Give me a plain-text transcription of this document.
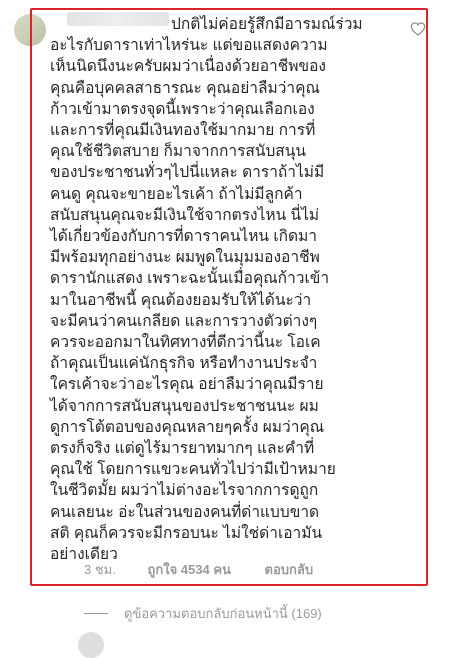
ปกติไม่ค่อยรู้สึกมีอารมณ์ร่วม
อะไรกับดาราเท่าไหร่นะ แต่ขอแสดงความ
เห็นนิดนึงนะครับผมว่าเนื่องด้วยอาชีพของ
คุณคือบุคคลสาธารณะ คุณอย่าลืมว่าคุณ
ก้าวเข้ามาตรงจุดนี้เพราะว่าคุณเลือกเอง
และการที่คุณมีเงินทองใช้มากมาย การที่
คุณใช้ชีวิตสบาย ก็มาจากการสนับสนุน
ของประชาชนทั่วๆไปนี่แหละ ดาราถ้าไม่มี
คนดู คุณจะขายอะไรเค้า ถ้าไม่มีลูกค้า
สนับสนุนคุณจะมีเงินใช้จากตรงไหน นี่ไม่
ได้เกี่ยวข้องกับการที่ดาราคนไหน เกิดมา
มีพร้อมทุกอย่างนะ ผมพูดในมุมมองอาชีพ
ดารานักแสดง เพราะฉะนั้นเมื่อคุณก้าวเข้า
มาในอาชีพนี้ คุณต้องยอมรับให้ได้นะว่า
จะมีคนว่าคนเกลียด และการวางตัวต่างๆ
ควรจะออกมาในทิศทางที่ดีกว่านี้นะ โอเค
ถ้าคุณเป็นแค่นักธุรกิจ หรือทำงานประจำ
ใครเค้าจะว่าอะไรคุณ อย่าลืมว่าคุณมีราย
ได้จากการสนับสนุนของประชาชนนะ ผม
ดูการโต้ตอบของคุณหลายๆครั้ง ผมว่าคุณ
ตรงก็จริง แต่ดูไร้มารยาทมากๆ และคำที่
คุณใช้ โดยการแขวะคนทั่วไปว่ามีเป้าหมาย
ในชีวิตมั้ย ผมว่าไม่ต่างอะไรจากการดูถูก
คนเลยนะ อ่ะในส่วนของคนที่ด่าแบบขาด
สติ คุณก็ควรจะมีกรอบนะ ไม่ใช่ด่าเอามัน
อย่างเดียว
3 ชม. ถูกใจ 4534 คน	ตอบกลับ
ดูข้อความตอบกลับก่อนหน้านี้ (169)
